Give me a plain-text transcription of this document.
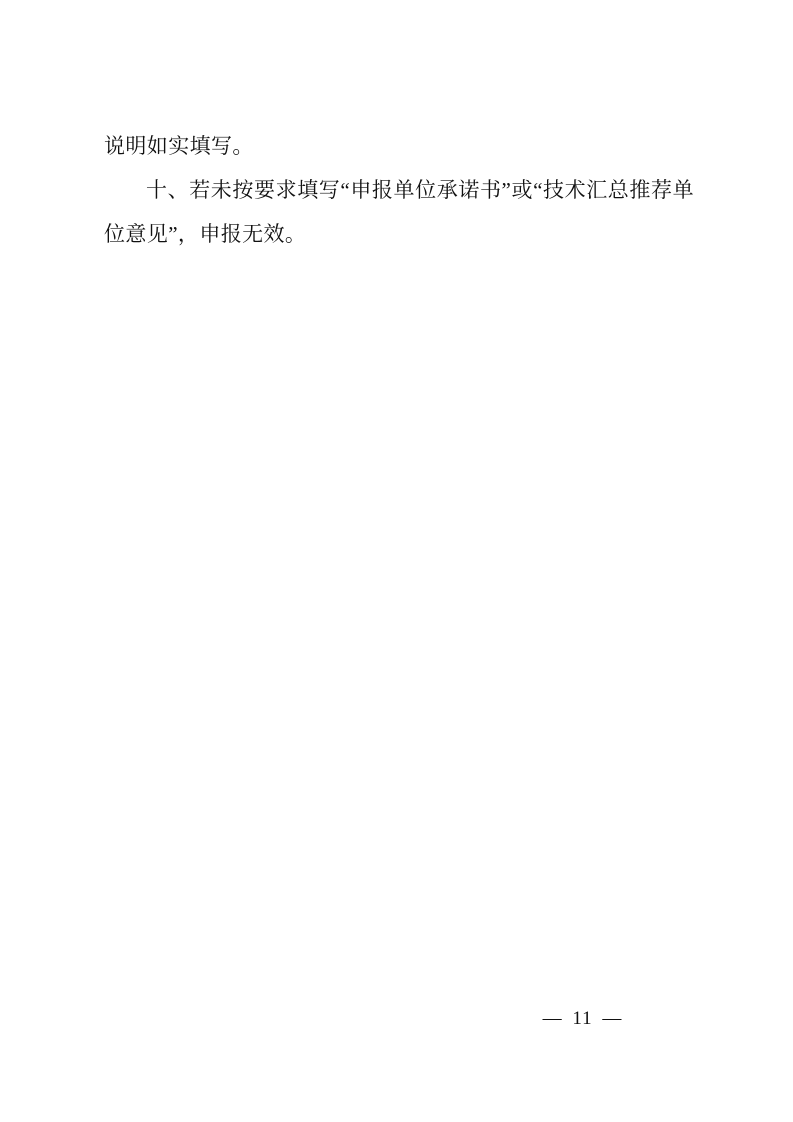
说明如实填写。

十、若未按要求填写“申报单位承诺书”或“技术汇总推荐单位意见”，申报无效。

— 11 —
